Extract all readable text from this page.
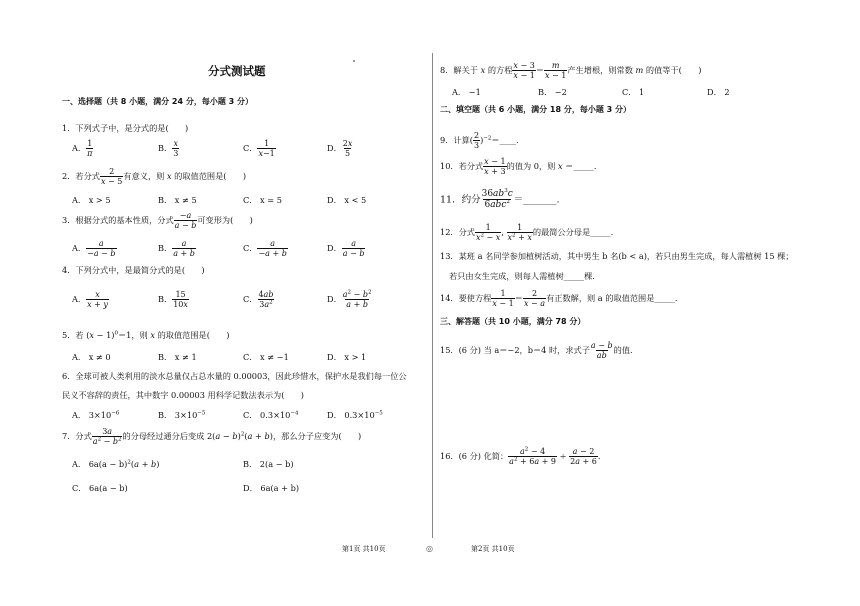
分式测试题
一、选择题（共 8 小题，满分 24 分，每小题 3 分）
1．下列式子中，是分式的是(　　)
A． $\frac{1}{\pi}$	B． $\frac{x}{3}$	C． $\frac{1}{x-1}$	D． $\frac{2x}{5}$
2．若分式 $\frac{2}{x - 5}$ 有意义，则 x 的取值范围是(　　)
A． x > 5	B． x ≠ 5	C． x = 5	D． x < 5
3．根据分式的基本性质，分式 $\frac{-a}{a - b}$ 可变形为(　　)
A． $\frac{a}{-a - b}$	B． $\frac{a}{a + b}$	C． $\frac{a}{-a + b}$	D． $\frac{a}{a - b}$
4．下列分式中，是最简分式的是(　　)
A． $\frac{x}{x + y}$	B． $\frac{15}{10x}$	C． $\frac{4ab}{3a^2}$	D． $\frac{a^2 - b^2}{a + b}$
5．若 $(x - 1)^0=1$，则 x 的取值范围是(　　)
A． x ≠ 0	B． x ≠ 1	C． x ≠ −1	D． x > 1
6．全球可被人类利用的淡水总量仅占总水量的 0.00003，因此珍惜水，保护水是我们每一位公
民义不容辞的责任，其中数字 0.00003 用科学记数法表示为(　　)
A． $3\times 10^{-6}$	B． $3\times 10^{-5}$	C． $0.3\times 10^{-4}$	D． $0.3\times 10^{-5}$
7．分式 $\frac{3a}{a^2 - b^2}$ 的分母经过通分后变成 $2(a - b)^2(a + b)$，那么分子应变为(　　)
A． $6a(a - b)^2(a + b)$	B． 2(a − b)
C． 6a(a − b)	D． 6a(a + b)
8．解关于 x 的方程 $\frac{x - 3}{x - 1} = \frac{m}{x - 1}$ 产生增根，则常数 m 的值等于(　　)
A． −1	B． −2	C． 1	D． 2
二、填空题（共 6 小题，满分 18 分，每小题 3 分）
9．计算( $\frac{2}{3}$ )$^{-2}$＝____.
10．若分式 $\frac{x - 1}{x + 3}$ 的值为 0，则 x ＝_____.
11．约分
$36ab^3c$
6abc$^2$ ＝_______.
12．分式 $\frac{1}{x^2 - x}$ , $\frac{1}{x^2 + x}$ 的最简公分母是_____.
13．某班 a 名同学参加植树活动，其中男生 b 名(b < a)，若只由男生完成，每人需植树 15 棵；
若只由女生完成，则每人需植树_____棵.
14．要使方程 $\frac{1}{x - 1} = \frac{2}{x - a}$ 有正数解，则 a 的取值范围是_____.
三、解答题（共 10 小题，满分 78 分）
15．(6 分) 当 a＝−2，b＝4 时，求式子 $\frac{a - b}{ab}$ 的值.
16．(6 分) 化简： $\frac{a^2 - 4}{a^2 + 6a + 9} \div \frac{a - 2}{2a + 6}$ .
第1页 共10页	◎	第2页 共10页
